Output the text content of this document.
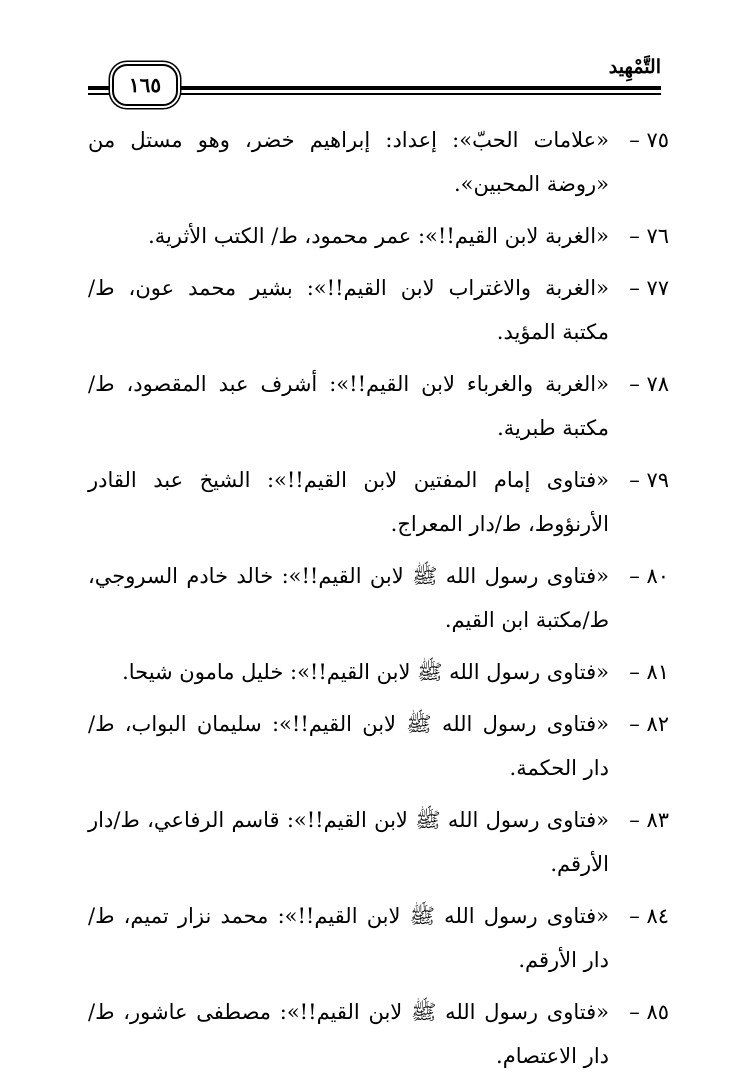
التَّمْهِيد
١٦٥
٧٥ –
«علامات الحبّ»: إعداد: إبراهيم خضر، وهو مستل من «روضة المحبين».
٧٦ –
«الغربة لابن القيم!!»: عمر محمود، ط/ الكتب الأثرية.
٧٧ –
«الغربة والاغتراب لابن القيم!!»: بشير محمد عون، ط/ مكتبة المؤيد.
٧٨ –
«الغربة والغرباء لابن القيم!!»: أشرف عبد المقصود، ط/ مكتبة طبرية.
٧٩ –
«فتاوى إمام المفتين لابن القيم!!»: الشيخ عبد القادر الأرنؤوط، ط/دار المعراج.
٨٠ –
«فتاوى رسول الله ﷺ لابن القيم!!»: خالد خادم السروجي، ط/مكتبة ابن القيم.
٨١ –
«فتاوى رسول الله ﷺ لابن القيم!!»: خليل مامون شيحا.
٨٢ –
«فتاوى رسول الله ﷺ لابن القيم!!»: سليمان البواب، ط/ دار الحكمة.
٨٣ –
«فتاوى رسول الله ﷺ لابن القيم!!»: قاسم الرفاعي، ط/دار الأرقم.
٨٤ –
«فتاوى رسول الله ﷺ لابن القيم!!»: محمد نزار تميم، ط/ دار الأرقم.
٨٥ –
«فتاوى رسول الله ﷺ لابن القيم!!»: مصطفى عاشور، ط/ دار الاعتصام.
